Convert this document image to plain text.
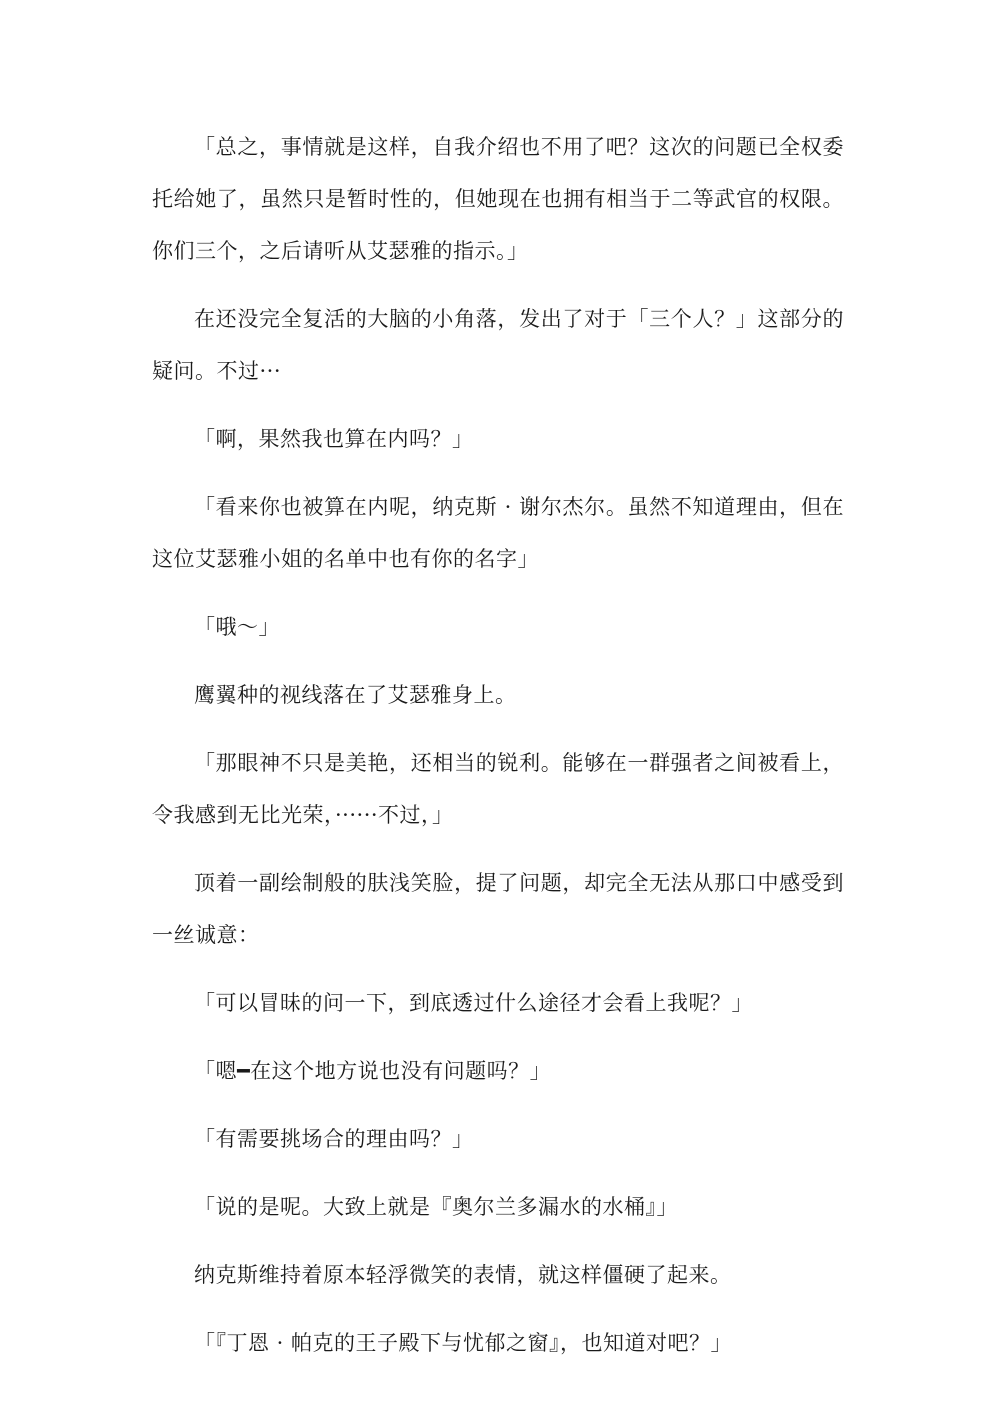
「总之，事情就是这样，自我介绍也不用了吧？这次的问题已全权委托给她了，虽然只是暂时性的，但她现在也拥有相当于二等武官的权限。你们三个，之后请听从艾瑟雅的指示。」

在还没完全复活的大脑的小角落，发出了对于「三个人？」这部分的疑问。不过···

「啊，果然我也算在内吗？」

「看来你也被算在内呢，纳克斯 · 谢尔杰尔。虽然不知道理由，但在这位艾瑟雅小姐的名单中也有你的名字」

「哦～」

鹰翼种的视线落在了艾瑟雅身上。

「那眼神不只是美艳，还相当的锐利。能够在一群强者之间被看上，令我感到无比光荣，······不过，」

顶着一副绘制般的肤浅笑脸，提了问题，却完全无法从那口中感受到一丝诚意：

「可以冒昧的问一下，到底透过什么途径才会看上我呢？」

「嗯━在这个地方说也没有问题吗？」

「有需要挑场合的理由吗？」

「说的是呢。大致上就是『奥尔兰多漏水的水桶』」

纳克斯维持着原本轻浮微笑的表情，就这样僵硬了起来。

「『丁恩 · 帕克的王子殿下与忧郁之窗』，也知道对吧？」
